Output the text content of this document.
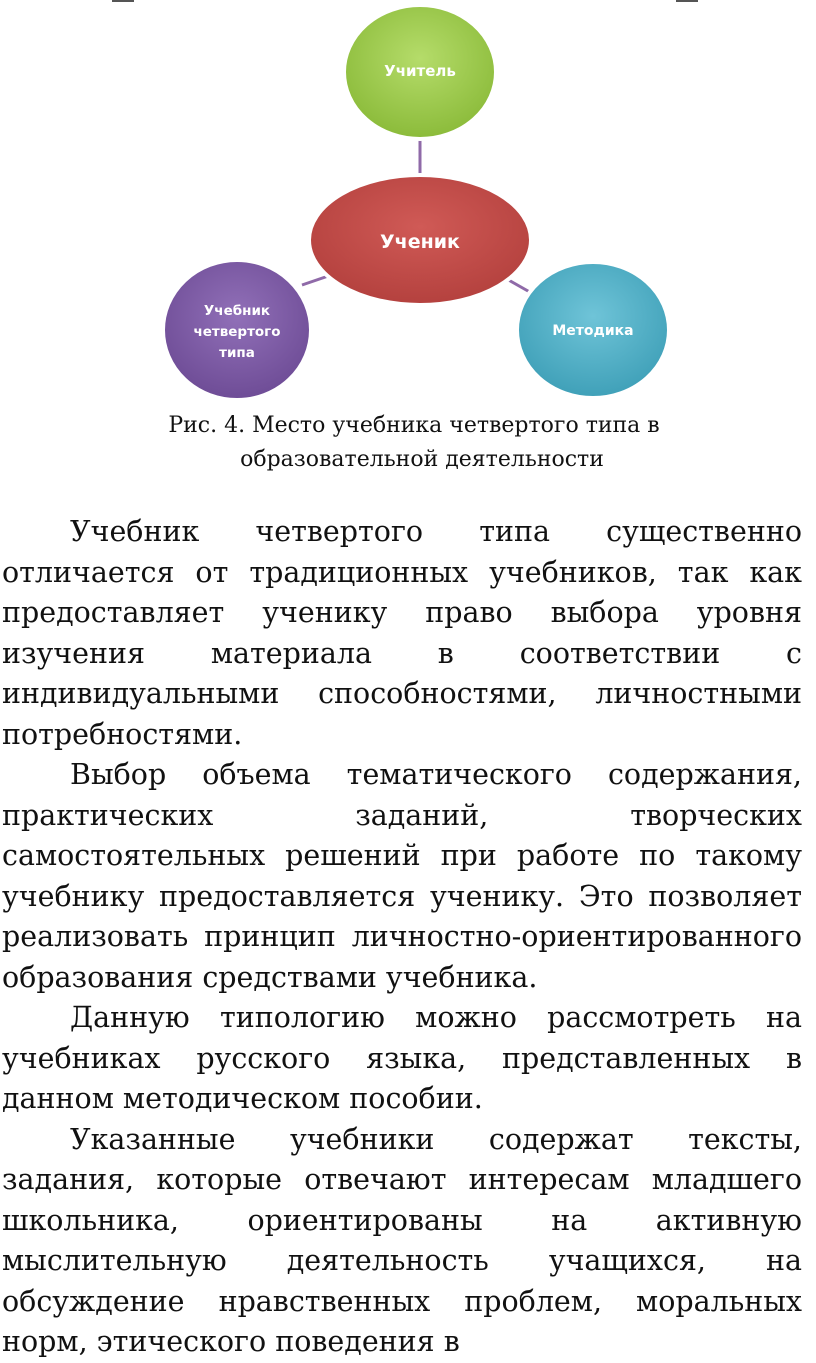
Учитель
Ученик
Учебник
четвертого
типа
Методика
Рис. 4. Место учебника четвертого типа в
образовательной деятельности

Учебник четвертого типа существенно отличается от традиционных учебников, так как предоставляет ученику право выбора уровня изучения материала в соответствии с индивидуальными способностями, личностными потребностями.

Выбор объема тематического содержания, практических заданий, творческих самостоятельных решений при работе по такому учебнику предоставляется ученику. Это позволяет реализовать принцип личностно-ориентированного образования средствами учебника.

Данную типологию можно рассмотреть на учебниках русского языка, представленных в данном методическом пособии.

Указанные учебники содержат тексты, задания, которые отвечают интересам младшего школьника, ориентированы на активную мыслительную деятельность учащихся, на обсуждение нравственных проблем, моральных норм, этического поведения в
